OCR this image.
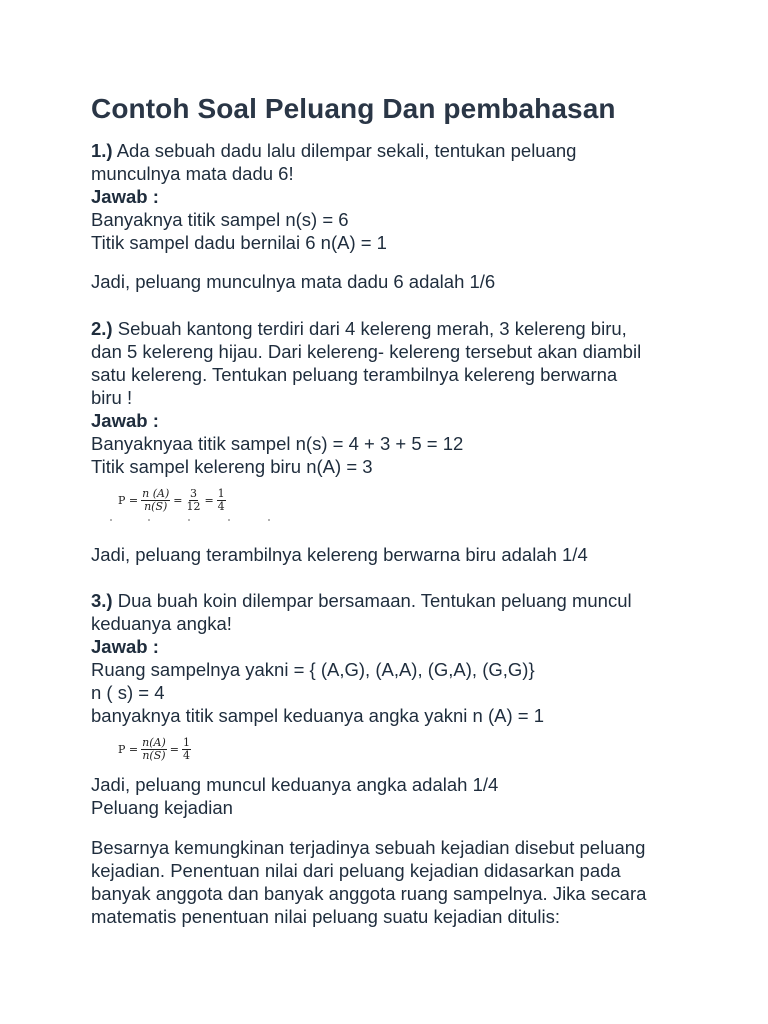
Contoh Soal Peluang Dan pembahasan
1.) Ada sebuah dadu lalu dilempar sekali, tentukan peluang
munculnya mata dadu 6!
Jawab :
Banyaknya titik sampel n(s) = 6
Titik sampel dadu bernilai 6 n(A) = 1
Jadi, peluang munculnya mata dadu 6 adalah 1/6
2.) Sebuah kantong terdiri dari 4 kelereng merah, 3 kelereng biru,
dan 5 kelereng hijau. Dari kelereng- kelereng tersebut akan diambil
satu kelereng. Tentukan peluang terambilnya kelereng berwarna
biru !
Jawab :
Banyaknyaa titik sampel n(s) = 4 + 3 + 5 = 12
Titik sampel kelereng biru n(A) = 3
$P = \frac{n (A)}{n(S)} = \frac{3}{12} = \frac{1}{4}$
Jadi, peluang terambilnya kelereng berwarna biru adalah 1/4
3.) Dua buah koin dilempar bersamaan. Tentukan peluang muncul
keduanya angka!
Jawab :
Ruang sampelnya yakni = { (A,G), (A,A), (G,A), (G,G)}
n ( s) = 4
banyaknya titik sampel keduanya angka yakni n (A) = 1
$P = \frac{n(A)}{n(S)} = \frac{1}{4}$
Jadi, peluang muncul keduanya angka adalah 1/4
Peluang kejadian
Besarnya kemungkinan terjadinya sebuah kejadian disebut peluang
kejadian. Penentuan nilai dari peluang kejadian didasarkan pada
banyak anggota dan banyak anggota ruang sampelnya. Jika secara
matematis penentuan nilai peluang suatu kejadian ditulis:
